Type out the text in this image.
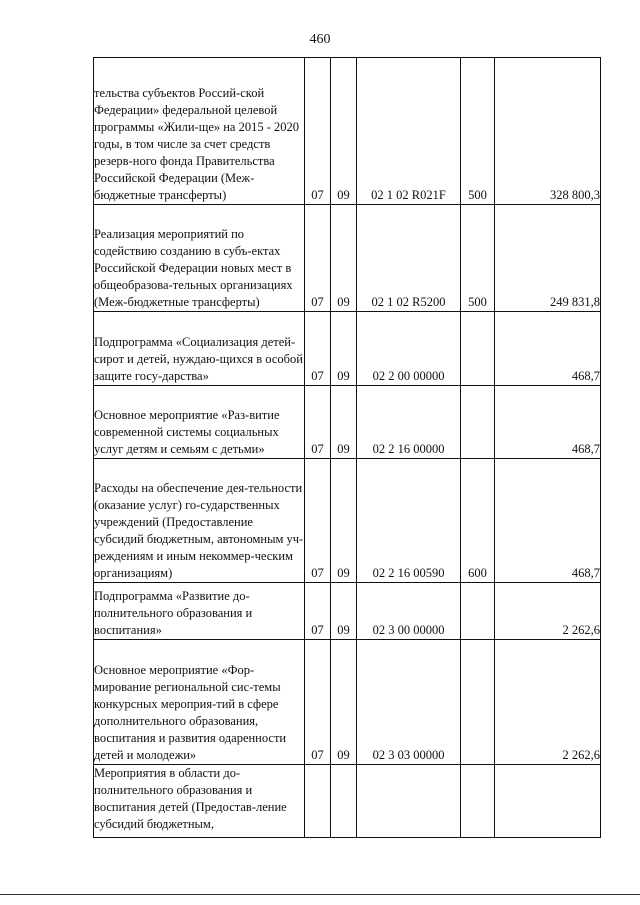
460
тельства субъектов Россий-ской Федерации» федеральной целевой программы «Жили-ще» на 2015 - 2020 годы, в том числе за счет средств резерв-ного фонда Правительства Российской Федерации (Меж-бюджетные трансферты)	07	09	02 1 02 R021F	500	328 800,3
Реализация мероприятий по содействию созданию в субъ-ектах Российской Федерации новых мест в общеобразова-тельных организациях (Меж-бюджетные трансферты)	07	09	02 1 02 R5200	500	249 831,8
Подпрограмма «Социализация детей-сирот и детей, нуждаю-щихся в особой защите госу-дарства»	07	09	02 2 00 00000		468,7
Основное мероприятие «Раз-витие современной системы социальных услуг детям и семьям с детьми»	07	09	02 2 16 00000		468,7
Расходы на обеспечение дея-тельности (оказание услуг) го-сударственных учреждений (Предоставление субсидий бюджетным, автономным уч-реждениям и иным некоммер-ческим организациям)	07	09	02 2 16 00590	600	468,7
Подпрограмма «Развитие до-полнительного образования и воспитания»	07	09	02 3 00 00000		2 262,6
Основное мероприятие «Фор-мирование региональной сис-темы конкурсных мероприя-тий в сфере дополнительного образования, воспитания и развития одаренности детей и молодежи»	07	09	02 3 03 00000		2 262,6
Мероприятия в области до-полнительного образования и воспитания детей (Предостав-ление субсидий бюджетным,					
